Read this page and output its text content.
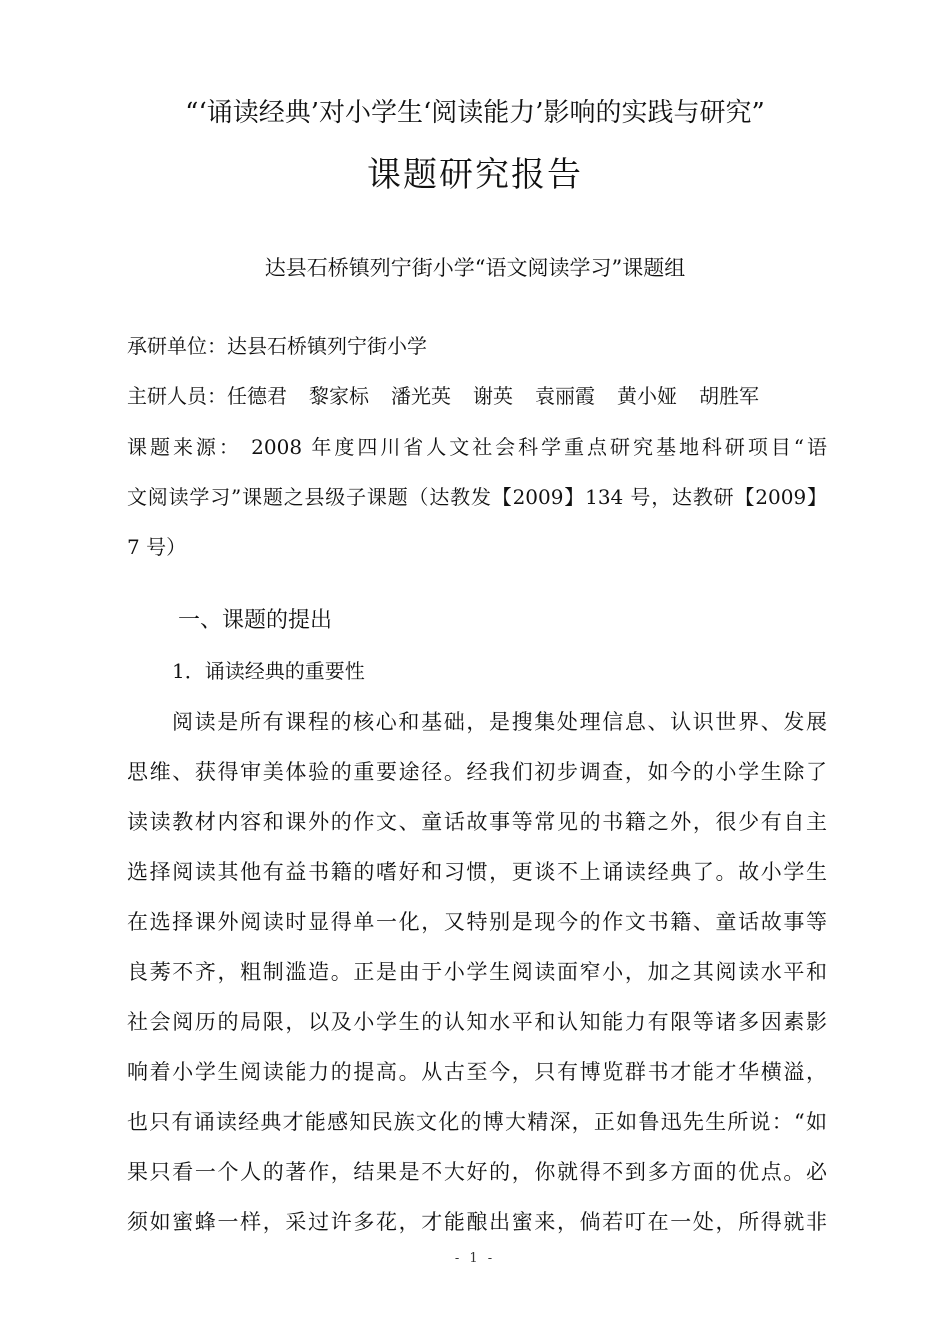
“‘诵读经典’对小学生‘阅读能力’影响的实践与研究”
课题研究报告
达县石桥镇列宁街小学“语文阅读学习”课题组
承研单位：达县石桥镇列宁街小学
主研人员：任德君 黎家标 潘光英 谢英 袁丽霞 黄小娅 胡胜军
课题来源： 2008 年度四川省人文社会科学重点研究基地科研项目“语
文阅读学习”课题之县级子课题（达教发【2009】134 号，达教研【2009】
7 号）
一、课题的提出
1．诵读经典的重要性
阅读是所有课程的核心和基础，是搜集处理信息、认识世界、发展
思维、获得审美体验的重要途径。经我们初步调查，如今的小学生除了
读读教材内容和课外的作文、童话故事等常见的书籍之外，很少有自主
选择阅读其他有益书籍的嗜好和习惯，更谈不上诵读经典了。故小学生
在选择课外阅读时显得单一化，又特别是现今的作文书籍、童话故事等
良莠不齐，粗制滥造。正是由于小学生阅读面窄小，加之其阅读水平和
社会阅历的局限，以及小学生的认知水平和认知能力有限等诸多因素影
响着小学生阅读能力的提高。从古至今，只有博览群书才能才华横溢，
也只有诵读经典才能感知民族文化的博大精深，正如鲁迅先生所说：“如
果只看一个人的著作，结果是不大好的，你就得不到多方面的优点。必
须如蜜蜂一样，采过许多花，才能酿出蜜来，倘若叮在一处，所得就非
- 1 -
